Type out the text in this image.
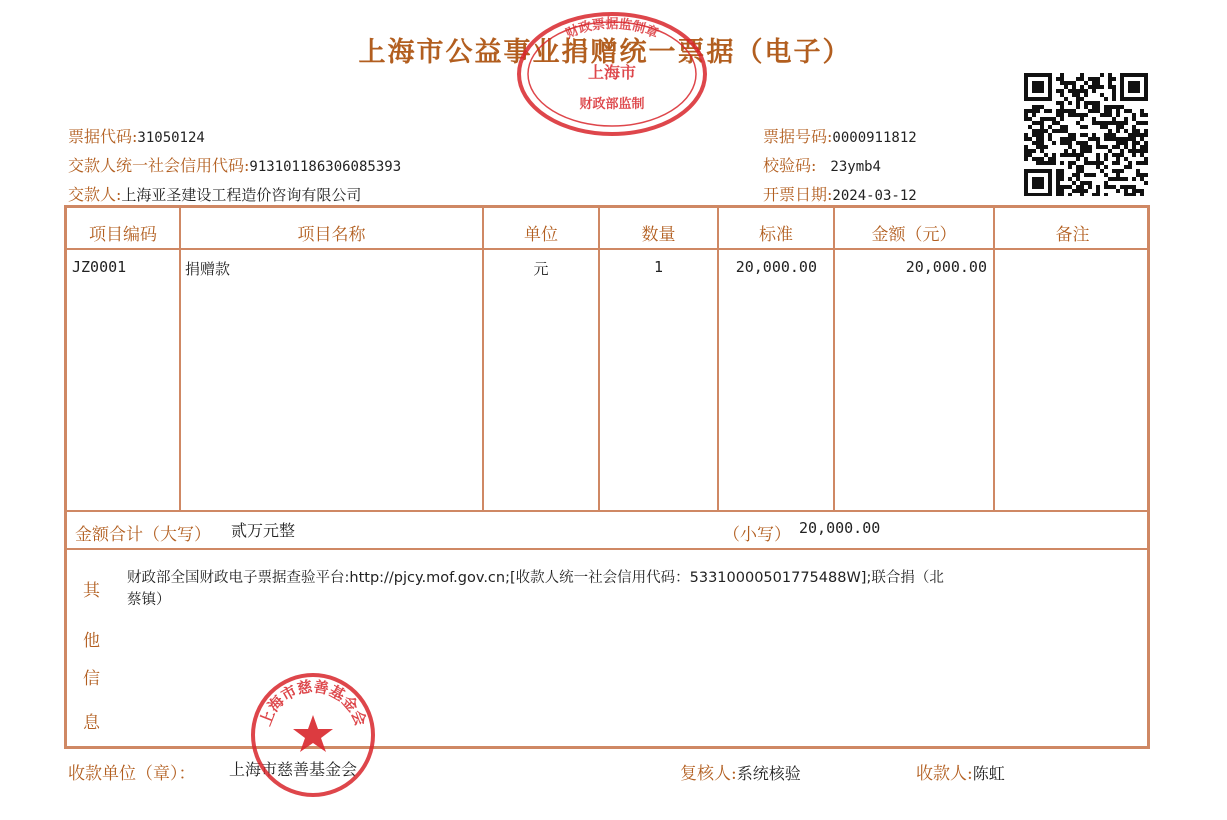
上海市公益事业捐赠统一票据（电子）
财政票据监制章
上海市
财政部监制
票据代码:31050124
交款人统一社会信用代码:913101186306085393
交款人:上海亚圣建设工程造价咨询有限公司
票据号码:0000911812
校验码: 23ymb4
开票日期:2024-03-12
项目编码	项目名称	单位	数量	标准	金额（元）	备注
JZ0001	捐赠款	元	1	20,000.00	20,000.00
金额合计（大写） 贰万元整	（小写） 20,000.00
其
他
信
息
财政部全国财政电子票据查验平台:http://pjcy.mof.gov.cn;[收款人统一社会信用代码：53310000501775488W];联合捐（北
蔡镇）
收款单位（章）： 上海市慈善基金会	复核人:系统核验	收款人:陈虹
上海市慈善基金会
